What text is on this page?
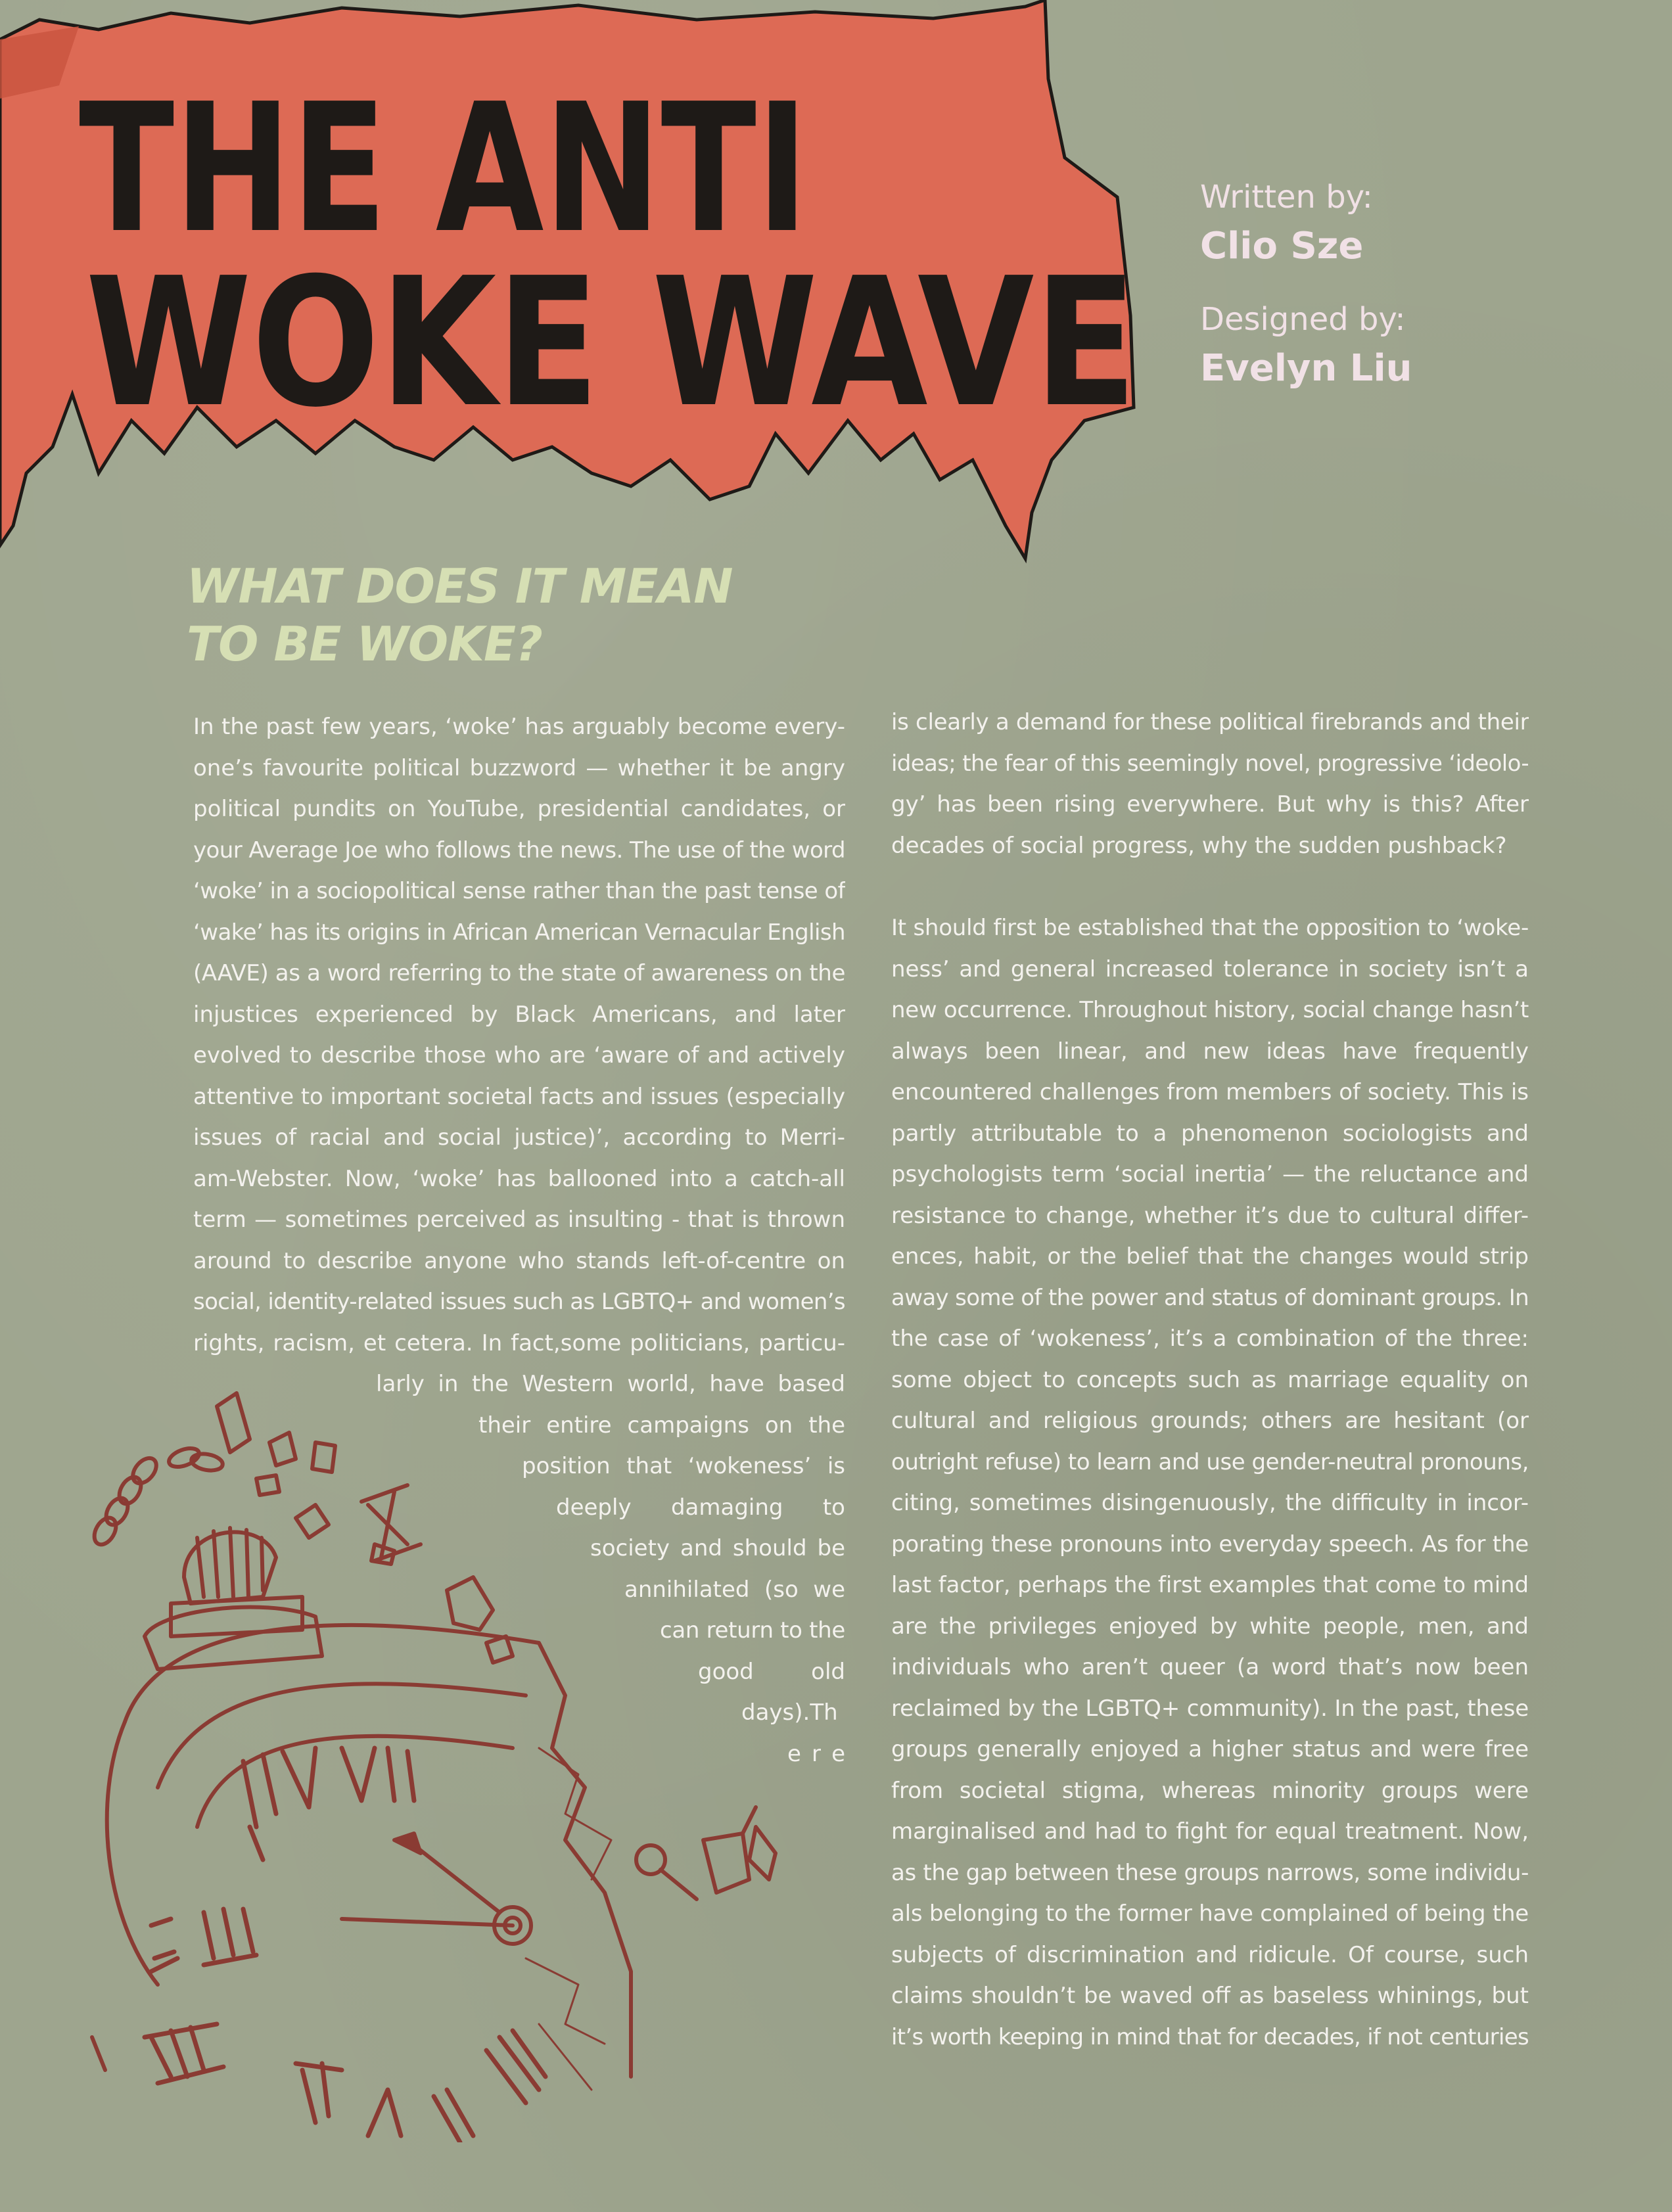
THE ANTI
WOKE WAVE
Written by:
Clio Sze
Designed by:
Evelyn Liu
WHAT DOES IT MEAN
TO BE WOKE?
In the past few years, ‘woke’ has arguably become every-
one’s favourite political buzzword — whether it be angry
political pundits on YouTube, presidential candidates, or
your Average Joe who follows the news. The use of the word
‘woke’ in a sociopolitical sense rather than the past tense of
‘wake’ has its origins in African American Vernacular English
(AAVE) as a word referring to the state of awareness on the
injustices experienced by Black Americans, and later
evolved to describe those who are ‘aware of and actively
attentive to important societal facts and issues (especially
issues of racial and social justice)’, according to Merri-
am-Webster. Now, ‘woke’ has ballooned into a catch-all
term — sometimes perceived as insulting - that is thrown
around to describe anyone who stands left-of-centre on
social, identity-related issues such as LGBTQ+ and women’s
rights, racism, et cetera. In fact,some politicians, particu-
larly in the Western world, have based
their entire campaigns on the
position that ‘wokeness’ is
deeply damaging to
society and should be
annihilated (so we
can return to the
good old
days).Th
e r e
is clearly a demand for these political firebrands and their
ideas; the fear of this seemingly novel, progressive ‘ideolo-
gy’ has been rising everywhere. But why is this? After
decades of social progress, why the sudden pushback?
It should first be established that the opposition to ‘woke-
ness’ and general increased tolerance in society isn’t a
new occurrence. Throughout history, social change hasn’t
always been linear, and new ideas have frequently
encountered challenges from members of society. This is
partly attributable to a phenomenon sociologists and
psychologists term ‘social inertia’ — the reluctance and
resistance to change, whether it’s due to cultural differ-
ences, habit, or the belief that the changes would strip
away some of the power and status of dominant groups. In
the case of ‘wokeness’, it’s a combination of the three:
some object to concepts such as marriage equality on
cultural and religious grounds; others are hesitant (or
outright refuse) to learn and use gender-neutral pronouns,
citing, sometimes disingenuously, the difficulty in incor-
porating these pronouns into everyday speech. As for the
last factor, perhaps the first examples that come to mind
are the privileges enjoyed by white people, men, and
individuals who aren’t queer (a word that’s now been
reclaimed by the LGBTQ+ community). In the past, these
groups generally enjoyed a higher status and were free
from societal stigma, whereas minority groups were
marginalised and had to fight for equal treatment. Now,
as the gap between these groups narrows, some individu-
als belonging to the former have complained of being the
subjects of discrimination and ridicule. Of course, such
claims shouldn’t be waved off as baseless whinings, but
it’s worth keeping in mind that for decades, if not centuries
